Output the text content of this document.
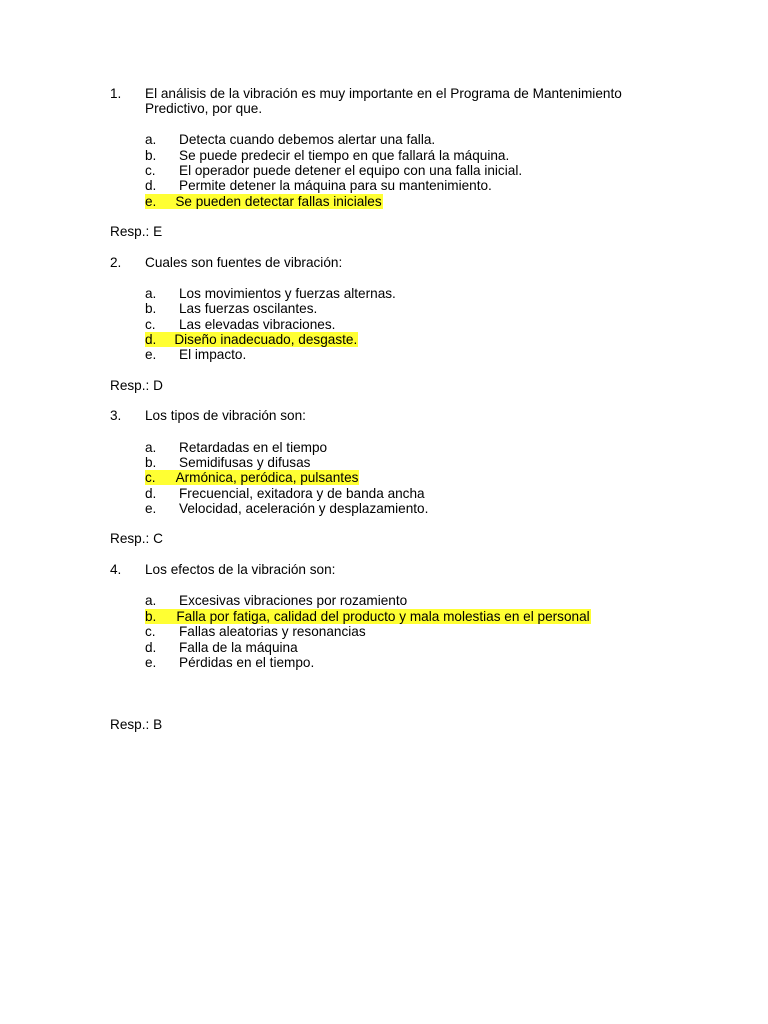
1. El análisis de la vibración es muy importante en el Programa de Mantenimiento
Predictivo, por que.
a. Detecta cuando debemos alertar una falla.
b. Se puede predecir el tiempo en que fallará la máquina.
c. El operador puede detener el equipo con una falla inicial.
d. Permite detener la máquina para su mantenimiento.
e. Se pueden detectar fallas iniciales
Resp.: E
2. Cuales son fuentes de vibración:
a. Los movimientos y fuerzas alternas.
b. Las fuerzas oscilantes.
c. Las elevadas vibraciones.
d. Diseño inadecuado, desgaste.
e. El impacto.
Resp.: D
3. Los tipos de vibración son:
a. Retardadas en el tiempo
b. Semidifusas y difusas
c. Armónica, peródica, pulsantes
d. Frecuencial, exitadora y de banda ancha
e. Velocidad, aceleración y desplazamiento.
Resp.: C
4. Los efectos de la vibración son:
a. Excesivas vibraciones por rozamiento
b. Falla por fatiga, calidad del producto y mala molestias en el personal
c. Fallas aleatorias y resonancias
d. Falla de la máquina
e. Pérdidas en el tiempo.
Resp.: B
